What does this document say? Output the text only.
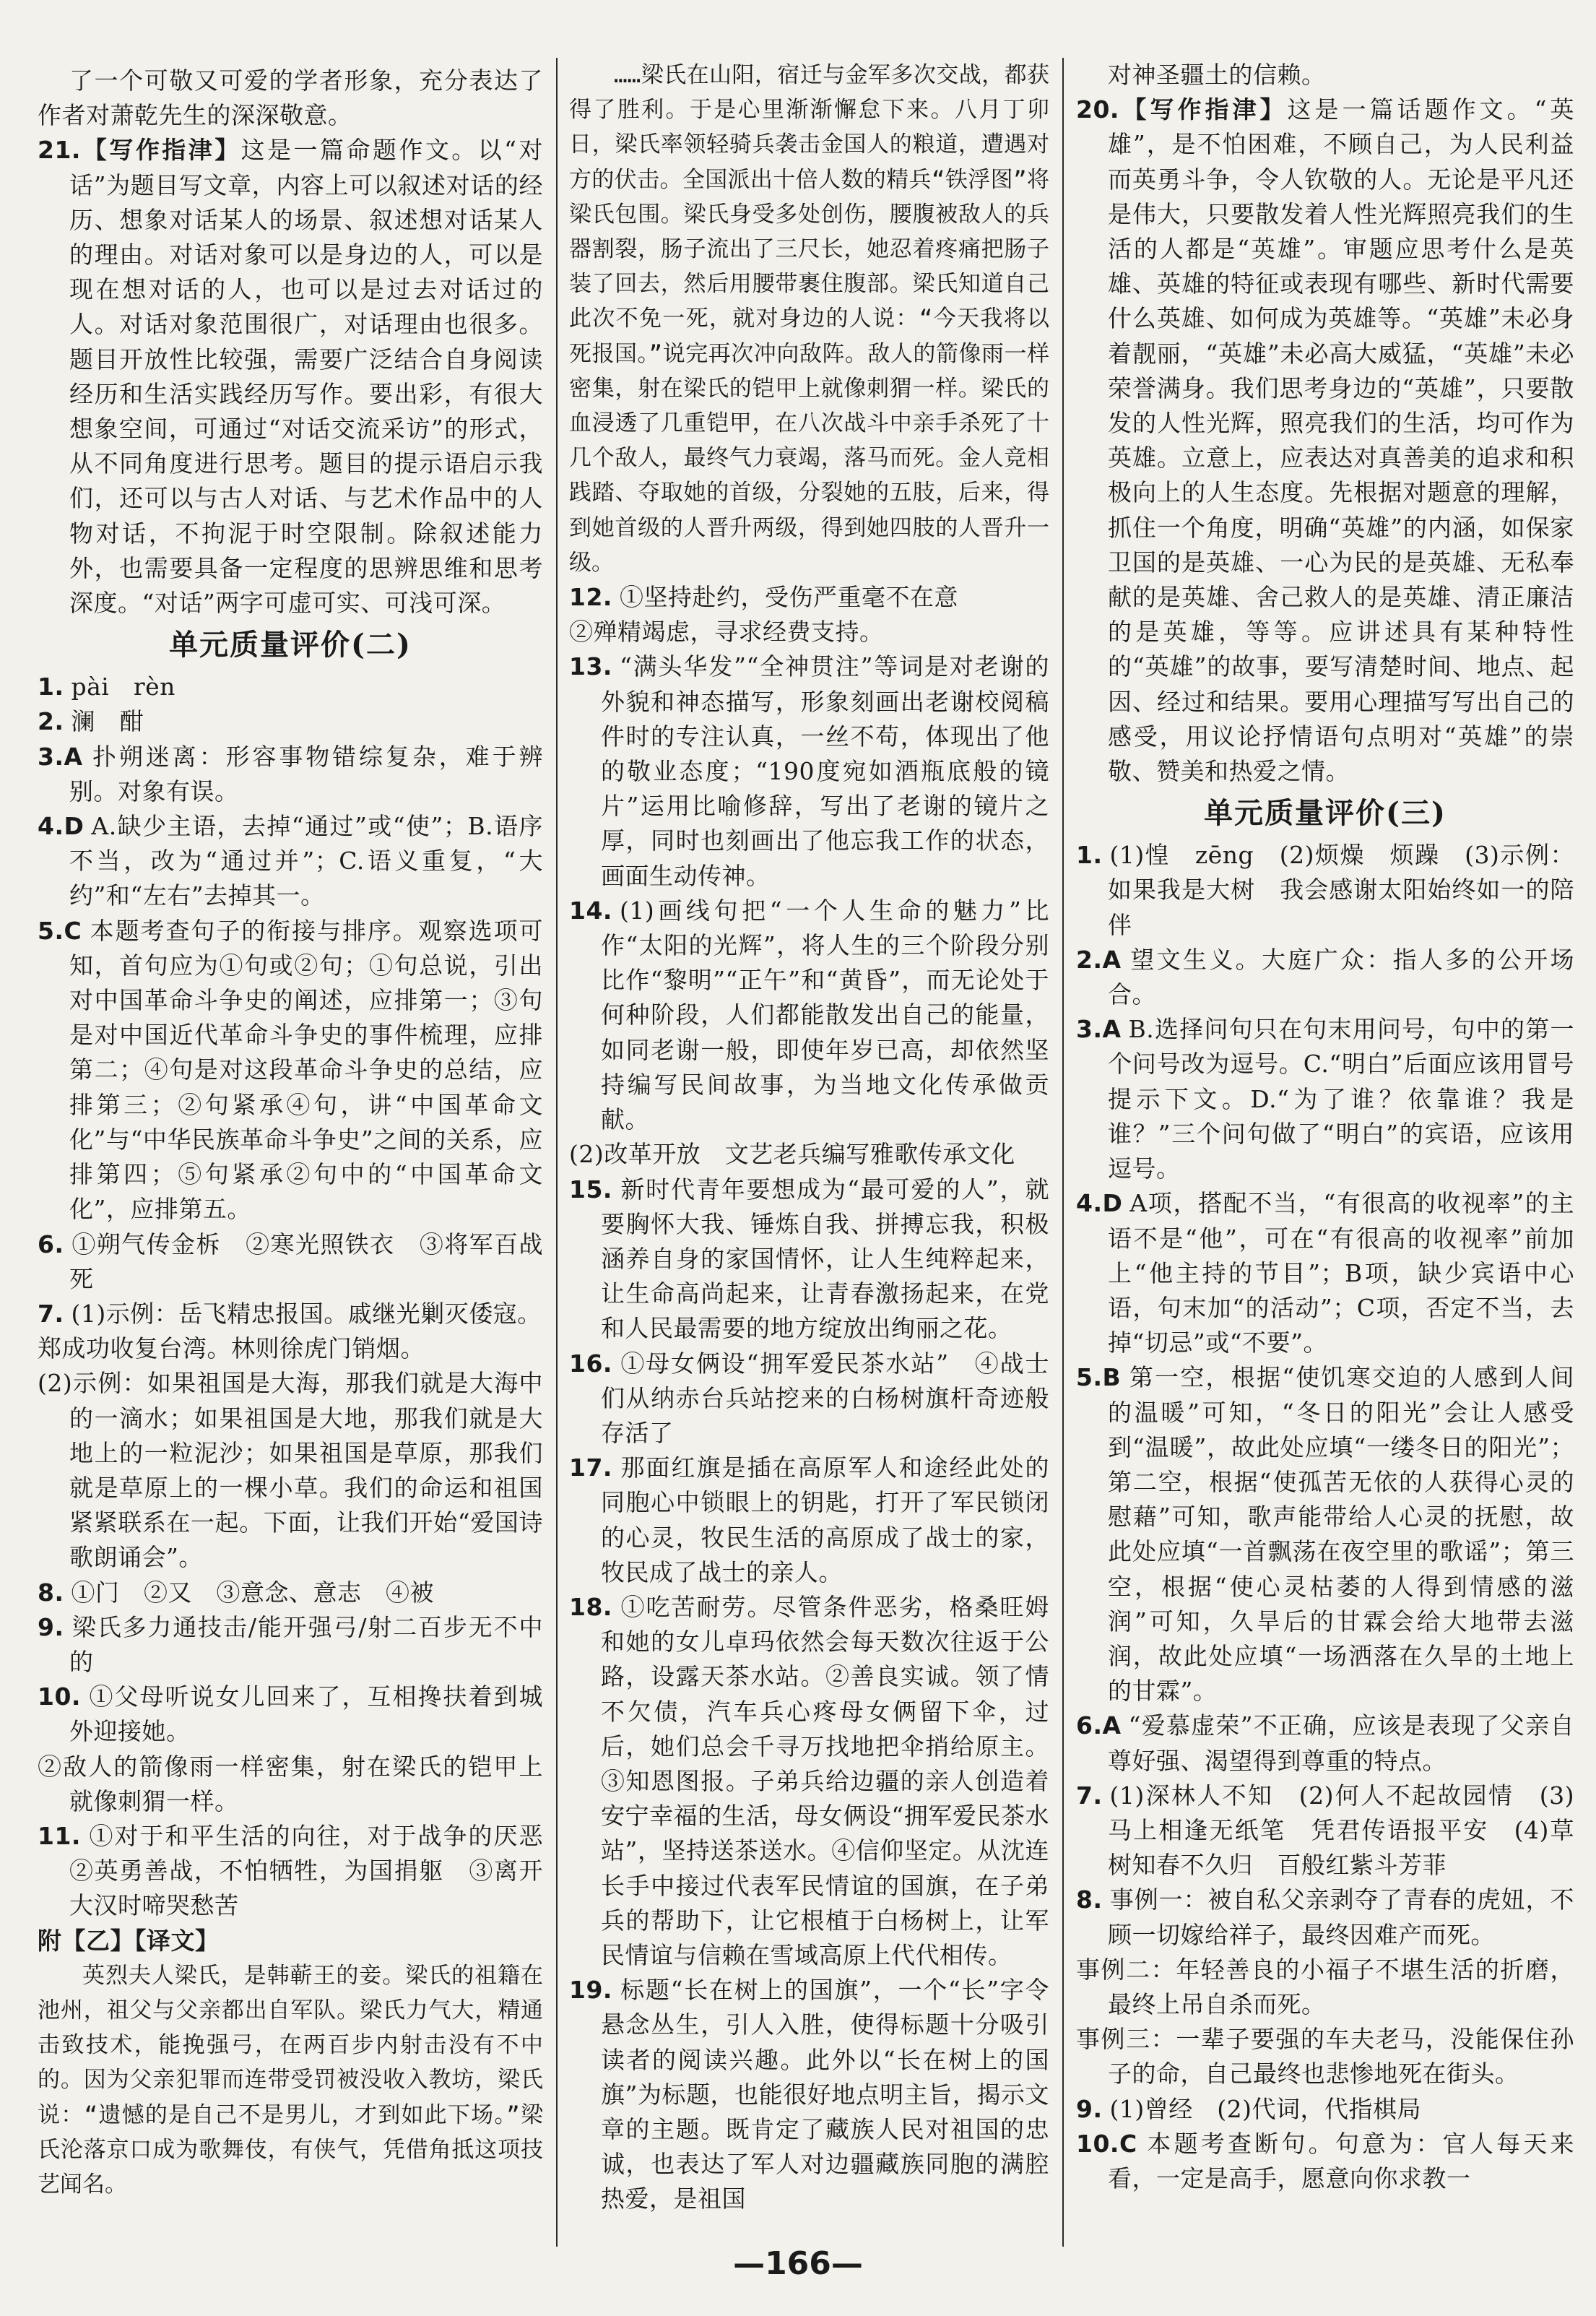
了一个可敬又可爱的学者形象，充分表达了作者对萧乾先生的深深敬意。

21.【写作指津】这是一篇命题作文。以“对话”为题目写文章，内容上可以叙述对话的经历、想象对话某人的场景、叙述想对话某人的理由。对话对象可以是身边的人，可以是现在想对话的人，也可以是过去对话过的人。对话对象范围很广，对话理由也很多。题目开放性比较强，需要广泛结合自身阅读经历和生活实践经历写作。要出彩，有很大想象空间，可通过“对话交流采访”的形式，从不同角度进行思考。题目的提示语启示我们，还可以与古人对话、与艺术作品中的人物对话，不拘泥于时空限制。除叙述能力外，也需要具备一定程度的思辨思维和思考深度。“对话”两字可虚可实、可浅可深。

单元质量评价(二)

1. pài　rèn

2. 澜　酣

3.A 扑朔迷离：形容事物错综复杂，难于辨别。对象有误。

4.D A.缺少主语，去掉“通过”或“使”；B.语序不当，改为“通过并”；C.语义重复，“大约”和“左右”去掉其一。

5.C 本题考查句子的衔接与排序。观察选项可知，首句应为①句或②句；①句总说，引出对中国革命斗争史的阐述，应排第一；③句是对中国近代革命斗争史的事件梳理，应排第二；④句是对这段革命斗争史的总结，应排第三；②句紧承④句，讲“中国革命文化”与“中华民族革命斗争史”之间的关系，应排第四；⑤句紧承②句中的“中国革命文化”，应排第五。

6. ①朔气传金柝　②寒光照铁衣　③将军百战死

7. (1)示例：岳飞精忠报国。戚继光剿灭倭寇。

郑成功收复台湾。林则徐虎门销烟。

(2)示例：如果祖国是大海，那我们就是大海中的一滴水；如果祖国是大地，那我们就是大地上的一粒泥沙；如果祖国是草原，那我们就是草原上的一棵小草。我们的命运和祖国紧紧联系在一起。下面，让我们开始“爱国诗歌朗诵会”。

8. ①门　②又　③意念、意志　④被

9. 梁氏多力通技击/能开强弓/射二百步无不中的

10. ①父母听说女儿回来了，互相搀扶着到城外迎接她。

②敌人的箭像雨一样密集，射在梁氏的铠甲上就像刺猬一样。

11. ①对于和平生活的向往，对于战争的厌恶　②英勇善战，不怕牺牲，为国捐躯　③离开大汉时啼哭愁苦

附【乙】【译文】

英烈夫人梁氏，是韩蕲王的妾。梁氏的祖籍在池州，祖父与父亲都出自军队。梁氏力气大，精通击致技术，能挽强弓，在两百步内射击没有不中的。因为父亲犯罪而连带受罚被没收入教坊，梁氏说：“遗憾的是自己不是男儿，才到如此下场。”梁氏沦落京口成为歌舞伎，有侠气，凭借角抵这项技艺闻名。

……梁氏在山阳，宿迁与金军多次交战，都获得了胜利。于是心里渐渐懈怠下来。八月丁卯日，梁氏率领轻骑兵袭击金国人的粮道，遭遇对方的伏击。全国派出十倍人数的精兵“铁浮图”将梁氏包围。梁氏身受多处创伤，腰腹被敌人的兵器割裂，肠子流出了三尺长，她忍着疼痛把肠子装了回去，然后用腰带裹住腹部。梁氏知道自己此次不免一死，就对身边的人说：“今天我将以死报国。”说完再次冲向敌阵。敌人的箭像雨一样密集，射在梁氏的铠甲上就像刺猬一样。梁氏的血浸透了几重铠甲，在八次战斗中亲手杀死了十几个敌人，最终气力衰竭，落马而死。金人竞相践踏、夺取她的首级，分裂她的五肢，后来，得到她首级的人晋升两级，得到她四肢的人晋升一级。

12. ①坚持赴约，受伤严重毫不在意

②殚精竭虑，寻求经费支持。

13. “满头华发”“全神贯注”等词是对老谢的外貌和神态描写，形象刻画出老谢校阅稿件时的专注认真，一丝不苟，体现出了他的敬业态度；“190度宛如酒瓶底般的镜片”运用比喻修辞，写出了老谢的镜片之厚，同时也刻画出了他忘我工作的状态，画面生动传神。

14. (1)画线句把“一个人生命的魅力”比作“太阳的光辉”，将人生的三个阶段分别比作“黎明”“正午”和“黄昏”，而无论处于何种阶段，人们都能散发出自己的能量，如同老谢一般，即使年岁已高，却依然坚持编写民间故事，为当地文化传承做贡献。

(2)改革开放　文艺老兵编写雅歌传承文化

15. 新时代青年要想成为“最可爱的人”，就要胸怀大我、锤炼自我、拼搏忘我，积极涵养自身的家国情怀，让人生纯粹起来，让生命高尚起来，让青春激扬起来，在党和人民最需要的地方绽放出绚丽之花。

16. ①母女俩设“拥军爱民茶水站”　④战士们从纳赤台兵站挖来的白杨树旗杆奇迹般存活了

17. 那面红旗是插在高原军人和途经此处的同胞心中锁眼上的钥匙，打开了军民锁闭的心灵，牧民生活的高原成了战士的家，牧民成了战士的亲人。

18. ①吃苦耐劳。尽管条件恶劣，格桑旺姆和她的女儿卓玛依然会每天数次往返于公路，设露天茶水站。②善良实诚。领了情不欠债，汽车兵心疼母女俩留下伞，过后，她们总会千寻万找地把伞捎给原主。③知恩图报。子弟兵给边疆的亲人创造着安宁幸福的生活，母女俩设“拥军爱民茶水站”，坚持送茶送水。④信仰坚定。从沈连长手中接过代表军民情谊的国旗，在子弟兵的帮助下，让它根植于白杨树上，让军民情谊与信赖在雪域高原上代代相传。

19. 标题“长在树上的国旗”，一个“长”字令悬念丛生，引人入胜，使得标题十分吸引读者的阅读兴趣。此外以“长在树上的国旗”为标题，也能很好地点明主旨，揭示文章的主题。既肯定了藏族人民对祖国的忠诚，也表达了军人对边疆藏族同胞的满腔热爱，是祖国

对神圣疆土的信赖。

20.【写作指津】这是一篇话题作文。“英雄”，是不怕困难，不顾自己，为人民利益而英勇斗争，令人钦敬的人。无论是平凡还是伟大，只要散发着人性光辉照亮我们的生活的人都是“英雄”。审题应思考什么是英雄、英雄的特征或表现有哪些、新时代需要什么英雄、如何成为英雄等。“英雄”未必身着靓丽，“英雄”未必高大威猛，“英雄”未必荣誉满身。我们思考身边的“英雄”，只要散发的人性光辉，照亮我们的生活，均可作为英雄。立意上，应表达对真善美的追求和积极向上的人生态度。先根据对题意的理解，抓住一个角度，明确“英雄”的内涵，如保家卫国的是英雄、一心为民的是英雄、无私奉献的是英雄、舍己救人的是英雄、清正廉洁的是英雄，等等。应讲述具有某种特性的“英雄”的故事，要写清楚时间、地点、起因、经过和结果。要用心理描写写出自己的感受，用议论抒情语句点明对“英雄”的崇敬、赞美和热爱之情。

单元质量评价(三)

1. (1)惶　zēng　(2)烦燥　烦躁　(3)示例：如果我是大树　我会感谢太阳始终如一的陪伴

2.A 望文生义。大庭广众：指人多的公开场合。

3.A B.选择问句只在句末用问号，句中的第一个问号改为逗号。C.“明白”后面应该用冒号提示下文。D.“为了谁？依靠谁？我是谁？”三个问句做了“明白”的宾语，应该用逗号。

4.D A项，搭配不当，“有很高的收视率”的主语不是“他”，可在“有很高的收视率”前加上“他主持的节目”；B项，缺少宾语中心语，句末加“的活动”；C项，否定不当，去掉“切忌”或“不要”。

5.B 第一空，根据“使饥寒交迫的人感到人间的温暖”可知，“冬日的阳光”会让人感受到“温暖”，故此处应填“一缕冬日的阳光”；第二空，根据“使孤苦无依的人获得心灵的慰藉”可知，歌声能带给人心灵的抚慰，故此处应填“一首飘荡在夜空里的歌谣”；第三空，根据“使心灵枯萎的人得到情感的滋润”可知，久旱后的甘霖会给大地带去滋润，故此处应填“一场洒落在久旱的土地上的甘霖”。

6.A “爱慕虚荣”不正确，应该是表现了父亲自尊好强、渴望得到尊重的特点。

7. (1)深林人不知　(2)何人不起故园情　(3)马上相逢无纸笔　凭君传语报平安　(4)草树知春不久归　百般红紫斗芳菲

8. 事例一：被自私父亲剥夺了青春的虎妞，不顾一切嫁给祥子，最终因难产而死。

事例二：年轻善良的小福子不堪生活的折磨，最终上吊自杀而死。

事例三：一辈子要强的车夫老马，没能保住孙子的命，自己最终也悲惨地死在街头。

9. (1)曾经　(2)代词，代指棋局

10.C 本题考查断句。句意为：官人每天来看，一定是高手，愿意向你求教一

—166—
